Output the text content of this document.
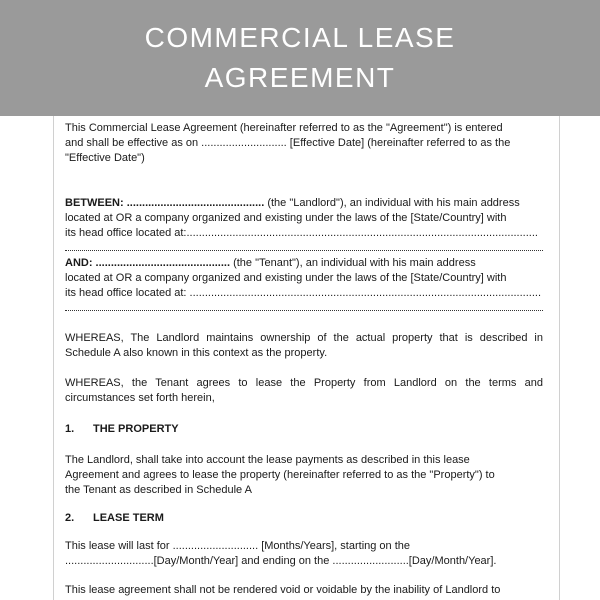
COMMERCIAL LEASE
AGREEMENT
This Commercial Lease Agreement (hereinafter referred to as the "Agreement") is entered
and shall be effective as on ............................ [Effective Date] (hereinafter referred to as the
"Effective Date")
BETWEEN: ............................................. (the "Landlord"), an individual with his main address
located at OR a company organized and existing under the laws of the [State/Country] with
its head office located at:...................................................................................................................
AND: ............................................ (the "Tenant"), an individual with his main address
located at OR a company organized and existing under the laws of the [State/Country] with
its head office located at: ...................................................................................................................
WHEREAS, The Landlord maintains ownership of the actual property that is described in
Schedule A also known in this context as the property.
WHEREAS, the Tenant agrees to lease the Property from Landlord on the terms and
circumstances set forth herein,
1. THE PROPERTY
The Landlord, shall take into account the lease payments as described in this lease
Agreement and agrees to lease the property (hereinafter referred to as the "Property") to
the Tenant as described in Schedule A
2. LEASE TERM
This lease will last for ............................ [Months/Years], starting on the
.............................[Day/Month/Year] and ending on the .........................[Day/Month/Year].
This lease agreement shall not be rendered void or voidable by the inability of Landlord to
